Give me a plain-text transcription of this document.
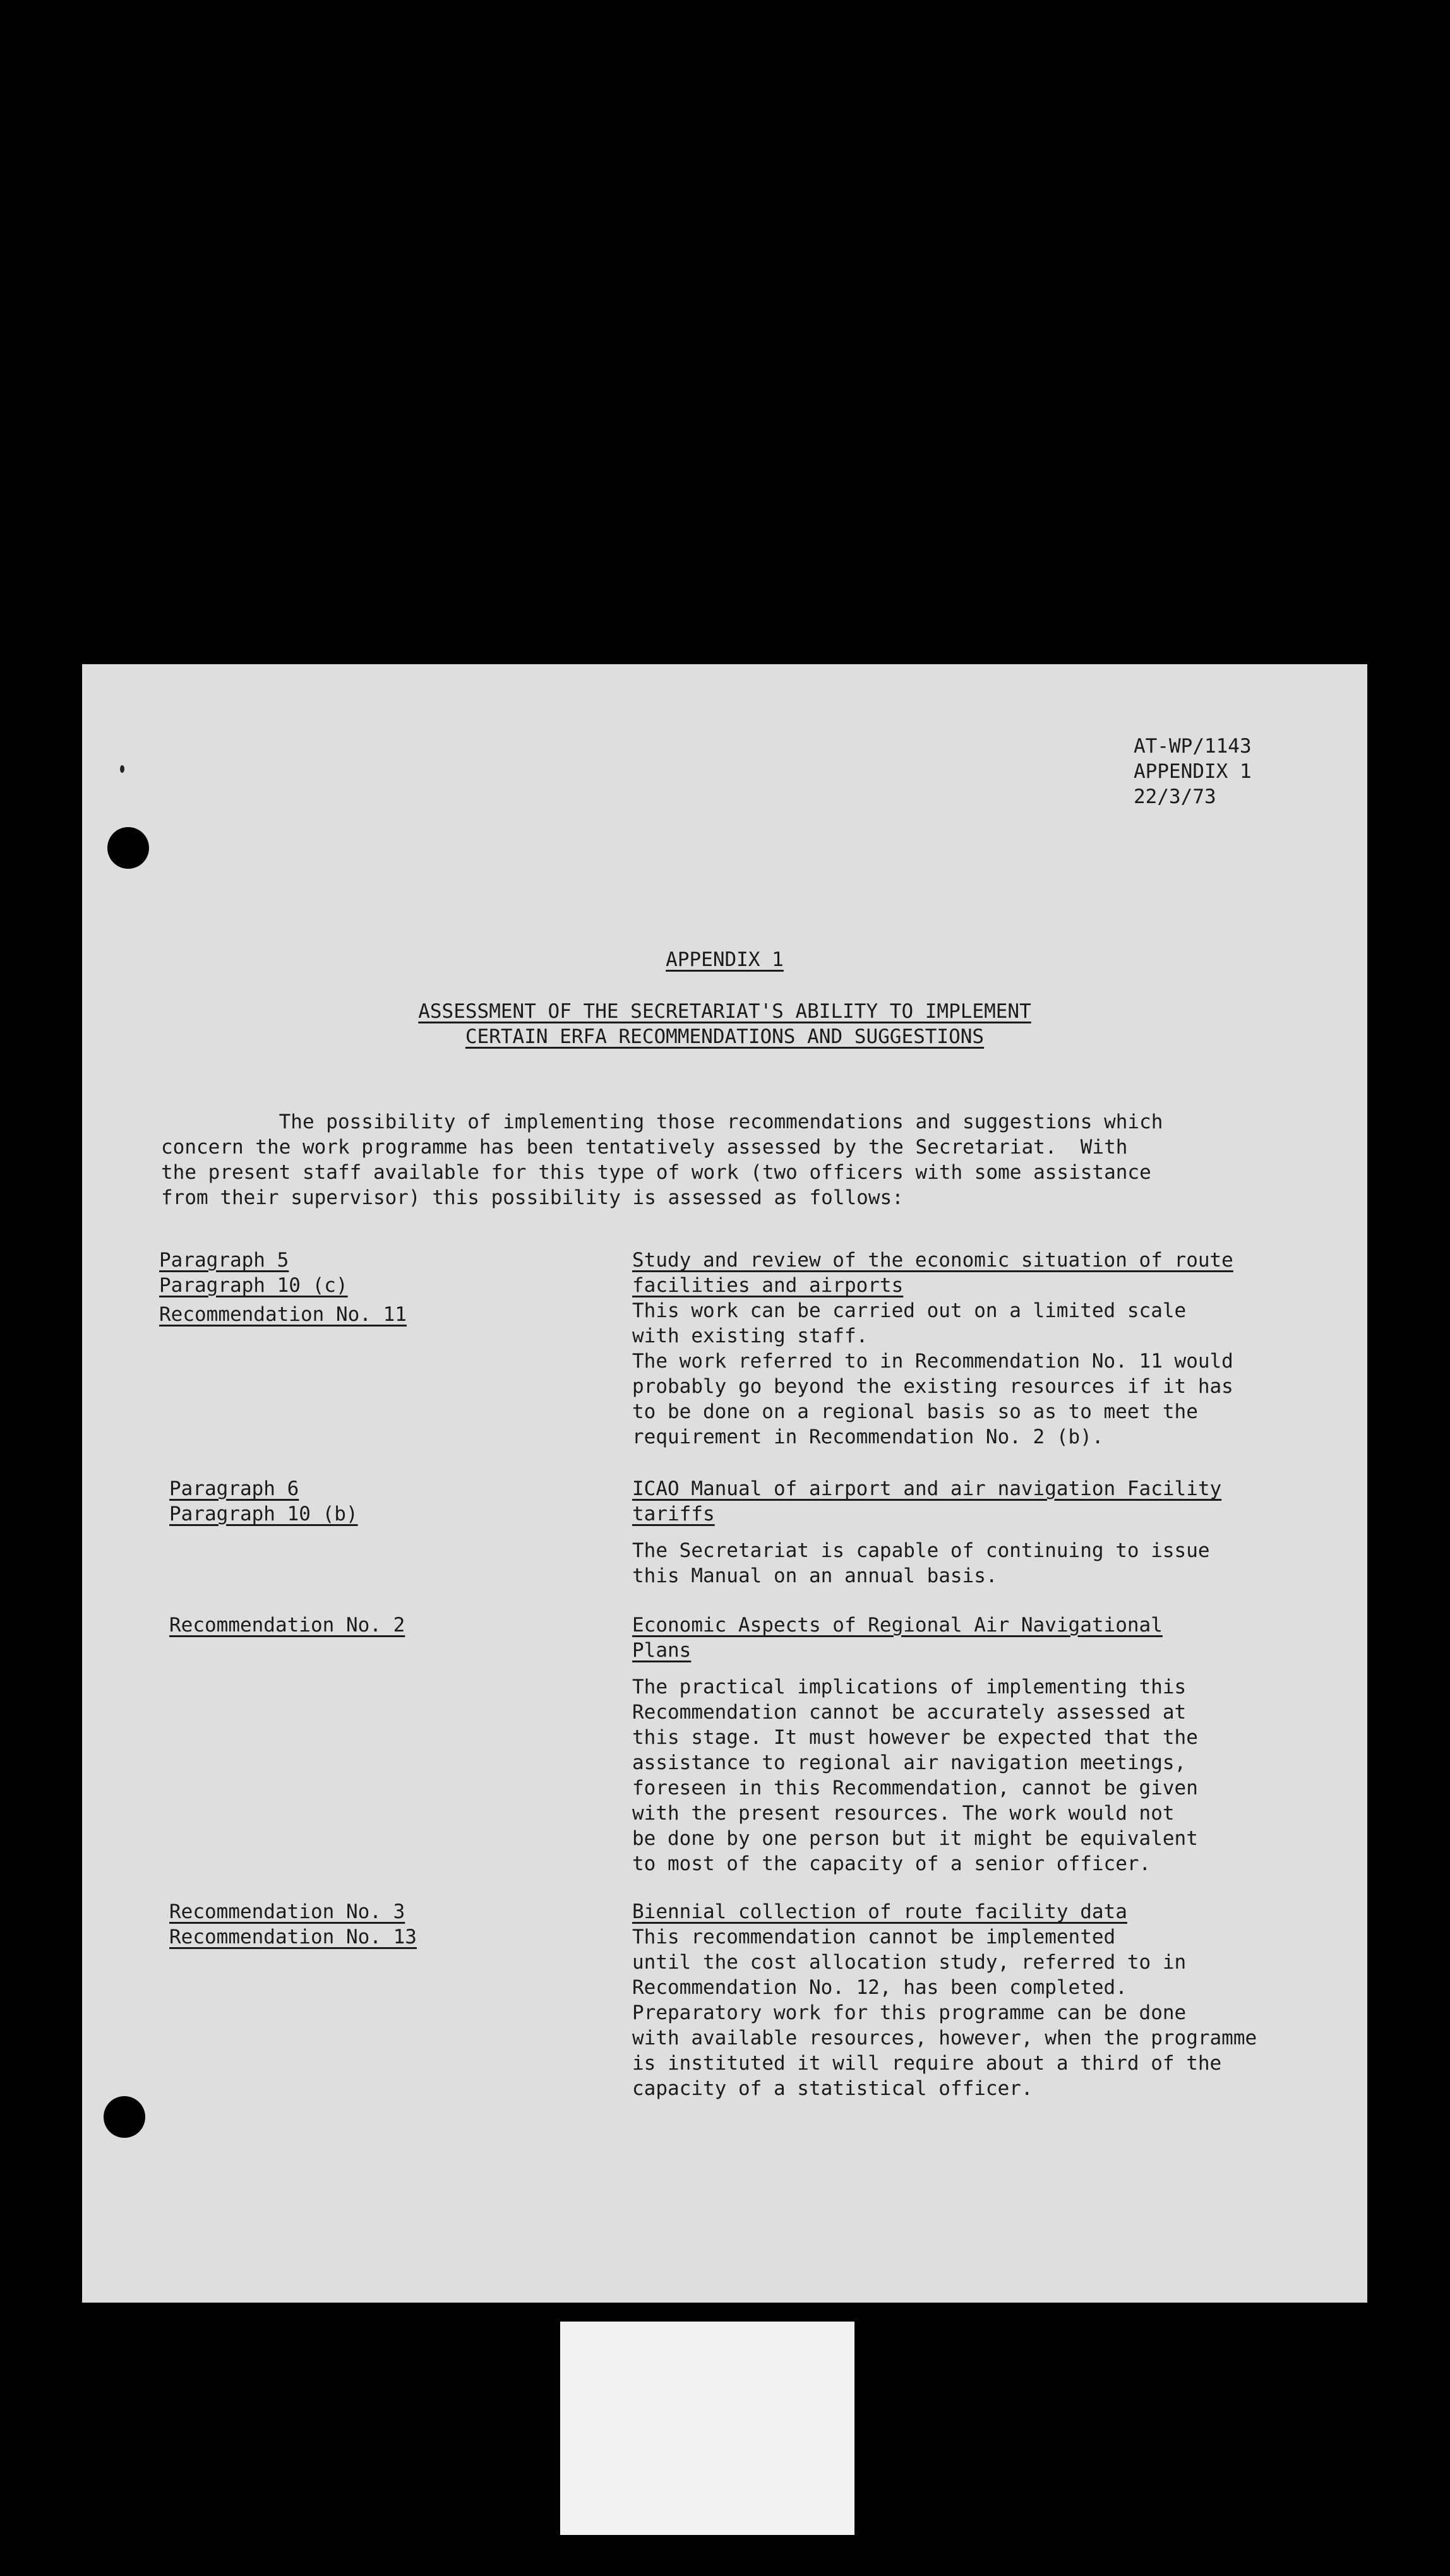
AT-WP/1143
APPENDIX 1
22/3/73
APPENDIX 1
ASSESSMENT OF THE SECRETARIAT'S ABILITY TO IMPLEMENT
CERTAIN ERFA RECOMMENDATIONS AND SUGGESTIONS

The possibility of implementing those recommendations and suggestions which

concern the work programme has been tentatively assessed by the Secretariat.  With

the present staff available for this type of work (two officers with some assistance

from their supervisor) this possibility is assessed as follows:

Paragraph 5
Paragraph 10 (c)
Recommendation No. 11
Study and review of the economic situation of route
facilities and airports
This work can be carried out on a limited scale
with existing staff.
The work referred to in Recommendation No. 11 would
probably go beyond the existing resources if it has
to be done on a regional basis so as to meet the
requirement in Recommendation No. 2 (b).
Paragraph 6
Paragraph 10 (b)
ICAO Manual of airport and air navigation Facility
tariffs
The Secretariat is capable of continuing to issue
this Manual on an annual basis.
Recommendation No. 2	Economic Aspects of Regional Air Navigational
Plans
The practical implications of implementing this
Recommendation cannot be accurately assessed at
this stage. It must however be expected that the
assistance to regional air navigation meetings,
foreseen in this Recommendation, cannot be given
with the present resources. The work would not
be done by one person but it might be equivalent
to most of the capacity of a senior officer.
Recommendation No. 3
Recommendation No. 13
Biennial collection of route facility data
This recommendation cannot be implemented
until the cost allocation study, referred to in
Recommendation No. 12, has been completed.
Preparatory work for this programme can be done
with available resources, however, when the programme
is instituted it will require about a third of the
capacity of a statistical officer.
